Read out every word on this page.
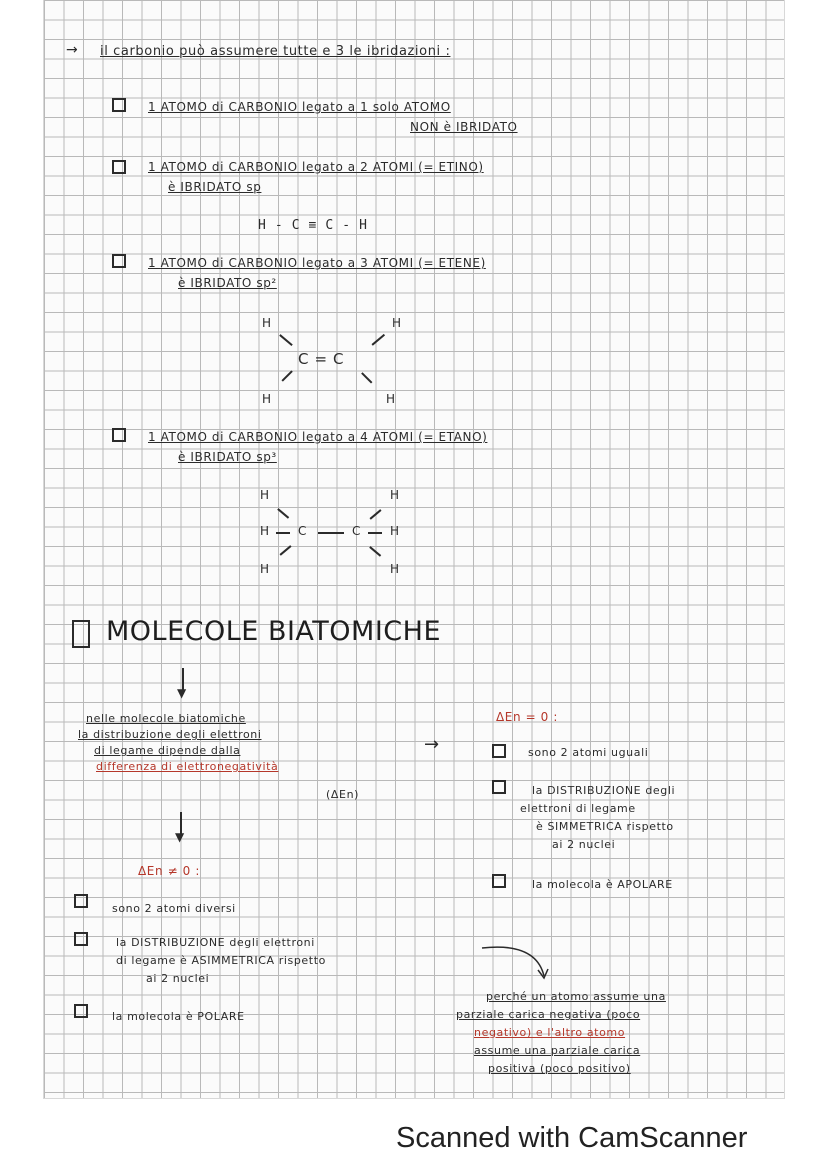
→ il carbonio può assumere tutte e 3 le ibridazioni :
1 ATOMO di CARBONIO legato a 1 solo ATOMO
NON è IBRIDATO
1 ATOMO di CARBONIO legato a 2 ATOMI (= ETINO)
è IBRIDATO sp
H - C ≡ C - H
1 ATOMO di CARBONIO legato a 3 ATOMI (= ETENE)
è IBRIDATO sp²
H	H
H	H
C = C
1 ATOMO di CARBONIO legato a 4 ATOMI (= ETANO)
è IBRIDATO sp³
H	H
H C	C H
H	H
MOLECOLE BIATOMICHE
▼
nelle molecole biatomiche
la distribuzione degli elettroni
di legame dipende dalla
differenza di elettronegatività
(ΔEn)
→
▼
ΔEn ≠ 0 :
sono 2 atomi diversi
la DISTRIBUZIONE degli elettroni
di legame è ASIMMETRICA rispetto
ai 2 nuclei
la molecola è POLARE
ΔEn = 0 :
sono 2 atomi uguali
la DISTRIBUZIONE degli
elettroni di legame
è SIMMETRICA rispetto
ai 2 nuclei
la molecola è APOLARE
perché un atomo assume una
parziale carica negativa (poco
negativo) e l'altro atomo
assume una parziale carica
positiva (poco positivo)
Scanned with CamScanner
